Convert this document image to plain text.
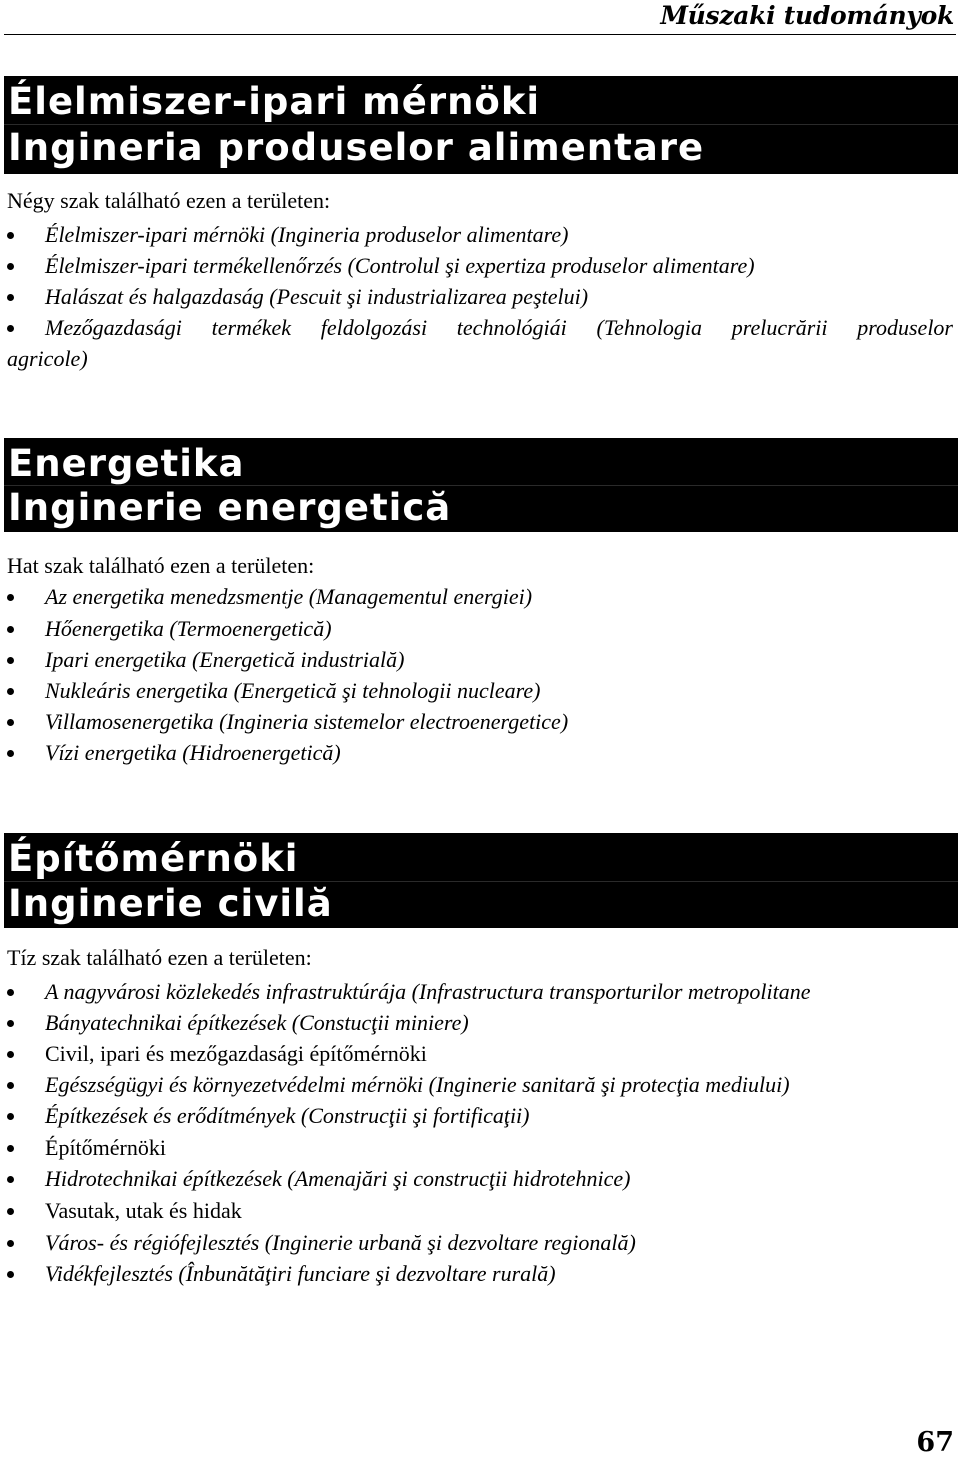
Műszaki tudományok
Élelmiszer-ipari mérnöki
Ingineria produselor alimentare
Négy szak található ezen a területen:
Élelmiszer-ipari mérnöki (Ingineria produselor alimentare)
Élelmiszer-ipari termékellenőrzés (Controlul şi expertiza produselor alimentare)
Halászat és halgazdaság (Pescuit şi industrializarea peştelui)
Mezőgazdasági termékek feldolgozási technológiái (Tehnologia prelucrării produselor
agricole)
Energetika
Inginerie energetică
Hat szak található ezen a területen:
Az energetika menedzsmentje (Managementul energiei)
Hőenergetika (Termoenergetică)
Ipari energetika (Energetică industrială)
Nukleáris energetika (Energetică şi tehnologii nucleare)
Villamosenergetika (Ingineria sistemelor electroenergetice)
Vízi energetika (Hidroenergetică)
Építőmérnöki
Inginerie civilă
Tíz szak található ezen a területen:
A nagyvárosi közlekedés infrastruktúrája (Infrastructura transporturilor metropolitane
Bányatechnikai építkezések (Constucţii miniere)
Civil, ipari és mezőgazdasági építőmérnöki
Egészségügyi és környezetvédelmi mérnöki (Inginerie sanitară şi protecţia mediului)
Építkezések és erődítmények (Construcţii şi fortificaţii)
Építőmérnöki
Hidrotechnikai építkezések (Amenajări şi construcţii hidrotehnice)
Vasutak, utak és hidak
Város- és régiófejlesztés (Inginerie urbană şi dezvoltare regională)
Vidékfejlesztés (Înbunătăţiri funciare şi dezvoltare rurală)
67
